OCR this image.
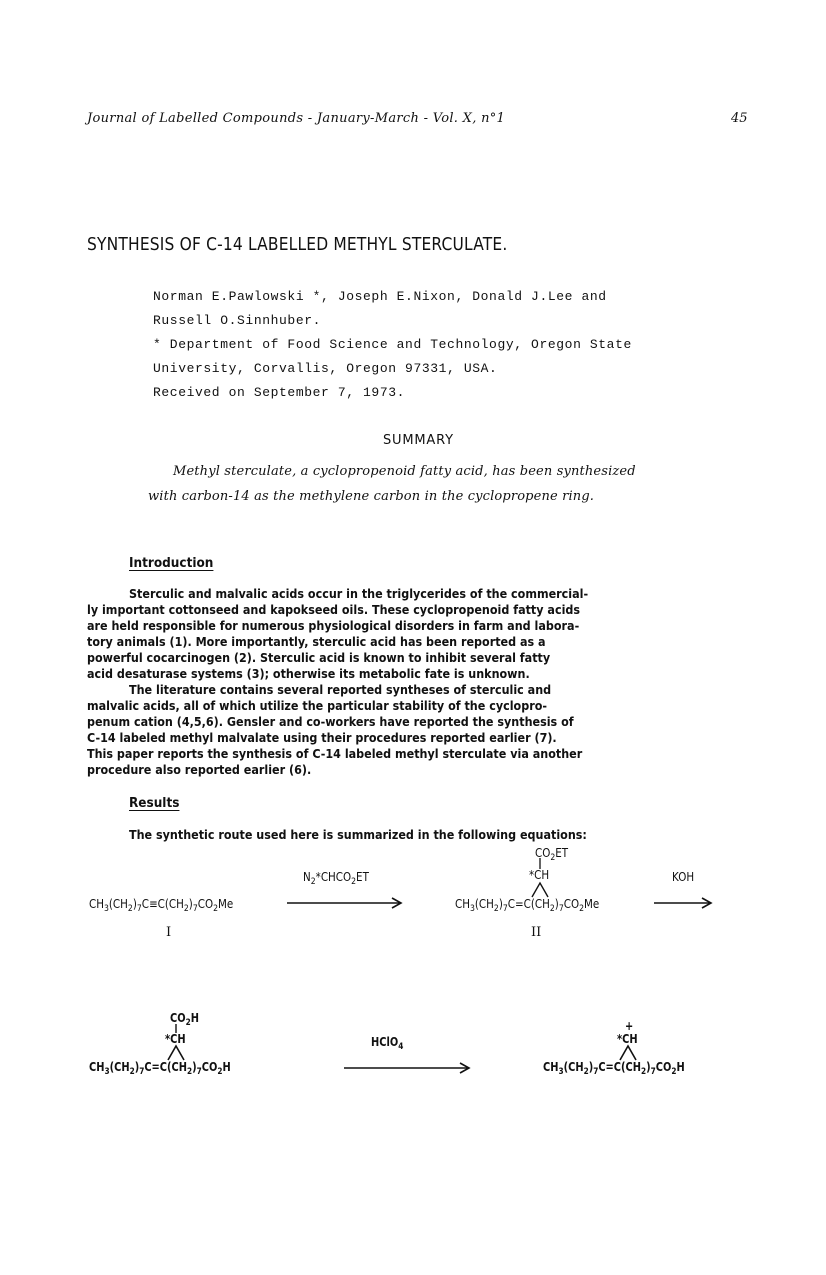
Journal of Labelled Compounds - January-March - Vol. X, n°1	45
SYNTHESIS OF C-14 LABELLED METHYL STERCULATE.
Norman E.Pawlowski *, Joseph E.Nixon, Donald J.Lee and
Russell O.Sinnhuber.
* Department of Food Science and Technology, Oregon State
University, Corvallis, Oregon 97331, USA.
Received on September 7, 1973.
SUMMARY
Methyl sterculate, a cyclopropenoid fatty acid, has been synthesized
with carbon-14 as the methylene carbon in the cyclopropene ring.
Introduction
Sterculic and malvalic acids occur in the triglycerides of the commercial-
ly important cottonseed and kapokseed oils. These cyclopropenoid fatty acids
are held responsible for numerous physiological disorders in farm and labora-
tory animals (1). More importantly, sterculic acid has been reported as a
powerful cocarcinogen (2). Sterculic acid is known to inhibit several fatty
acid desaturase systems (3); otherwise its metabolic fate is unknown.
The literature contains several reported syntheses of sterculic and
malvalic acids, all of which utilize the particular stability of the cyclopro-
penum cation (4,5,6). Gensler and co-workers have reported the synthesis of
C-14 labeled methyl malvalate using their procedures reported earlier (7).
This paper reports the synthesis of C-14 labeled methyl sterculate via another
procedure also reported earlier (6).
Results
The synthetic route used here is summarized in the following equations:
$CH_3(CH_2)_7C\equiv C(CH_2)_7CO_2Me$
I
$N_2*CHCO_2ET$
$CO_2ET$
*CH
$CH_3(CH_2)_7C=C(CH_2)_7CO_2Me$
II
KOH
$CO_2H$
*CH
$CH_3(CH_2)_7C=C(CH_2)_7CO_2H$
HClO$_4$
+
*CH
$CH_3(CH_2)_7C=C(CH_2)_7CO_2H$
